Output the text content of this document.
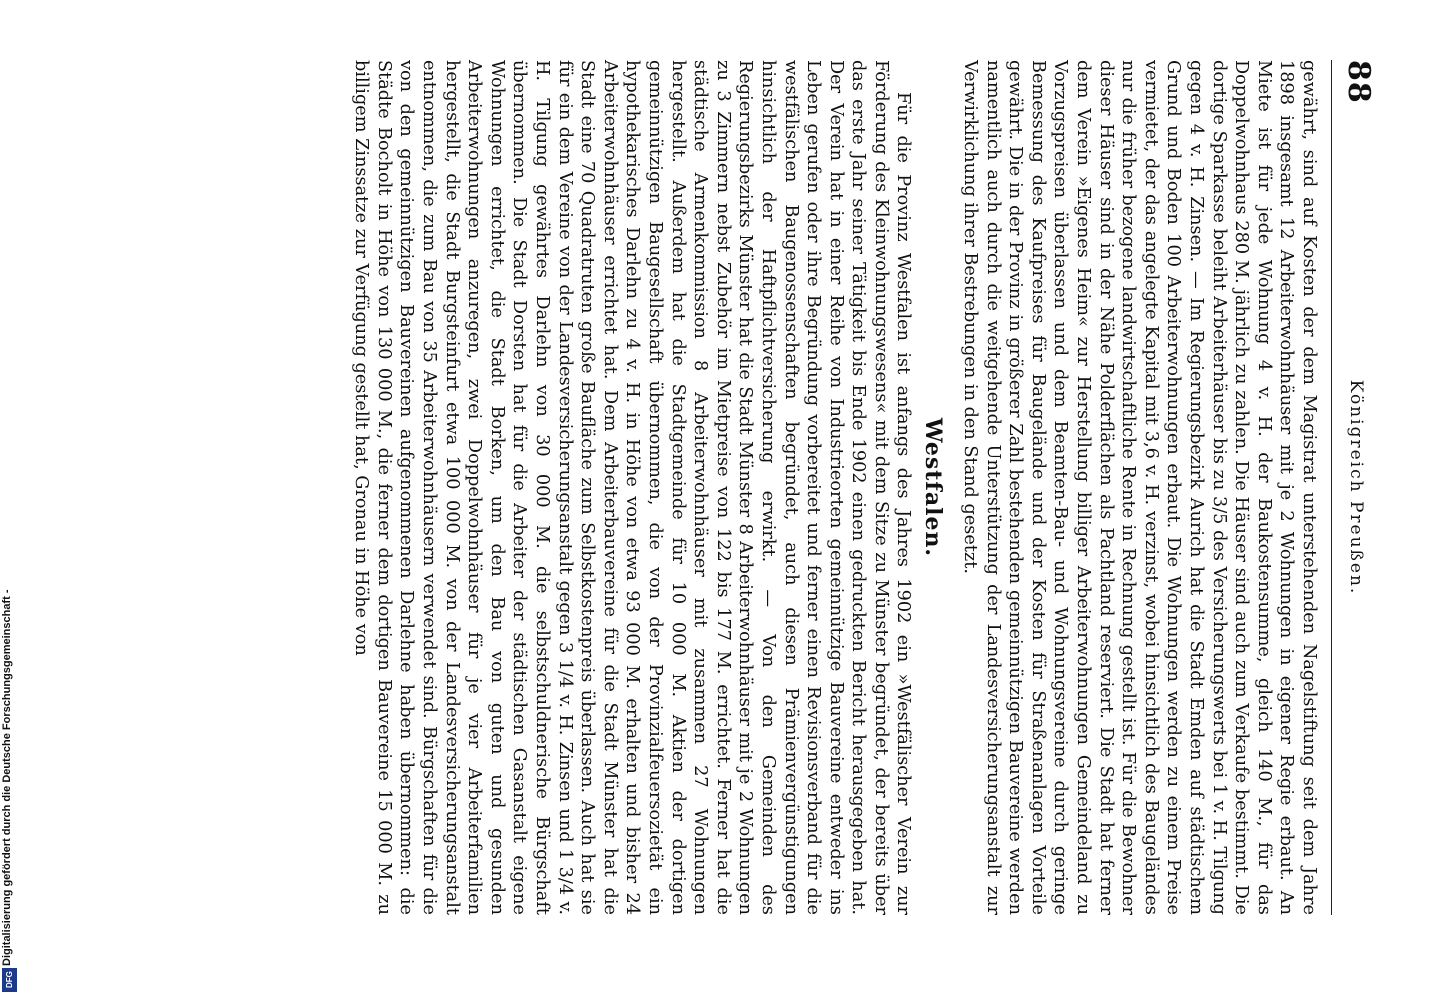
88
Königreich Preußen.

gewährt, sind auf Kosten der dem Magistrat unterstehenden Nagelstiftung seit dem Jahre 1898 insgesamt 12 Arbeiterwohnhäuser mit je 2 Wohnungen in eigener Regie erbaut. An Miete ist für jede Wohnung 4 v. H. der Baukostensumme, gleich 140 M., für das Doppelwohnhaus 280 M. jährlich zu zahlen. Die Häuser sind auch zum Verkaufe bestimmt. Die dortige Sparkasse beleiht Arbeiterhäuser bis zu 3/5 des Versicherungswerts bei 1 v. H. Tilgung gegen 4 v. H. Zinsen. — Im Regierungsbezirk Aurich hat die Stadt Emden auf städtischem Grund und Boden 100 Arbeiterwohnungen erbaut. Die Wohnungen werden zu einem Preise vermietet, der das angelegte Kapital mit 3,6 v. H. verzinst, wobei hinsichtlich des Baugeländes nur die früher bezogene landwirtschaftliche Rente in Rechnung gestellt ist. Für die Bewohner dieser Häuser sind in der Nähe Polderflächen als Pachtland reserviert. Die Stadt hat ferner dem Verein »Eigenes Heim« zur Herstellung billiger Arbeiterwohnungen Gemeindeland zu Vorzugspreisen überlassen und dem Beamten-Bau- und Wohnungsvereine durch geringe Bemessung des Kaufpreises für Baugelände und der Kosten für Straßenanlagen Vorteile gewährt. Die in der Provinz in größerer Zahl bestehenden gemeinnützigen Bauvereine werden namentlich auch durch die weitgehende Unterstützung der Landesversicherungsanstalt zur Verwirklichung ihrer Bestrebungen in den Stand gesetzt.

Westfalen.

Für die Provinz Westfalen ist anfangs des Jahres 1902 ein »Westfälischer Verein zur Förderung des Kleinwohnungswesens« mit dem Sitze zu Münster begründet, der bereits über das erste Jahr seiner Tätigkeit bis Ende 1902 einen gedruckten Bericht herausgegeben hat. Der Verein hat in einer Reihe von Industrieorten gemeinnützige Bauvereine entweder ins Leben gerufen oder ihre Begründung vorbereitet und ferner einen Revisionsverband für die westfälischen Baugenossenschaften begründet, auch diesen Prämienvergünstigungen hinsichtlich der Haftpflichtversicherung erwirkt. — Von den Gemeinden des Regierungsbezirks Münster hat die Stadt Münster 8 Arbeiterwohnhäuser mit je 2 Wohnungen zu 3 Zimmern nebst Zubehör im Mietpreise von 122 bis 177 M. errichtet. Ferner hat die städtische Armenkommission 8 Arbeiterwohnhäuser mit zusammen 27 Wohnungen hergestellt. Außerdem hat die Stadtgemeinde für 10 000 M. Aktien der dortigen gemeinnützigen Baugesellschaft übernommen, die von der Provinzialfeuersozietät ein hypothekarisches Darlehn zu 4 v. H. in Höhe von etwa 93 000 M. erhalten und bisher 24 Arbeiterwohnhäuser errichtet hat. Dem Arbeiterbauvereine für die Stadt Münster hat die Stadt eine 70 Quadratruten große Baufläche zum Selbstkostenpreis überlassen. Auch hat sie für ein dem Vereine von der Landesversicherungsanstalt gegen 3 1/4 v. H. Zinsen und 1 3/4 v. H. Tilgung gewährtes Darlehn von 30 000 M. die selbstschuldnerische Bürgschaft übernommen. Die Stadt Dorsten hat für die Arbeiter der städtischen Gasanstalt eigene Wohnungen errichtet, die Stadt Borken, um den Bau von guten und gesunden Arbeiterwohnungen anzuregen, zwei Doppelwohnhäuser für je vier Arbeiterfamilien hergestellt, die Stadt Burgsteinfurt etwa 100 000 M. von der Landesversicherungsanstalt entnommen, die zum Bau von 35 Arbeiterwohnhäusern verwendet sind. Bürgschaften für die von den gemeinnützigen Bauvereinen aufgenommenen Darlehne haben übernommen: die Städte Bocholt in Höhe von 130 000 M., die ferner dem dortigen Bauvereine 15 000 M. zu billigem Zinssatze zur Verfügung gestellt hat, Gronau in Höhe von

Digitalisierung gefördert durch die Deutsche Forschungsgemeinschaft -
DFG
